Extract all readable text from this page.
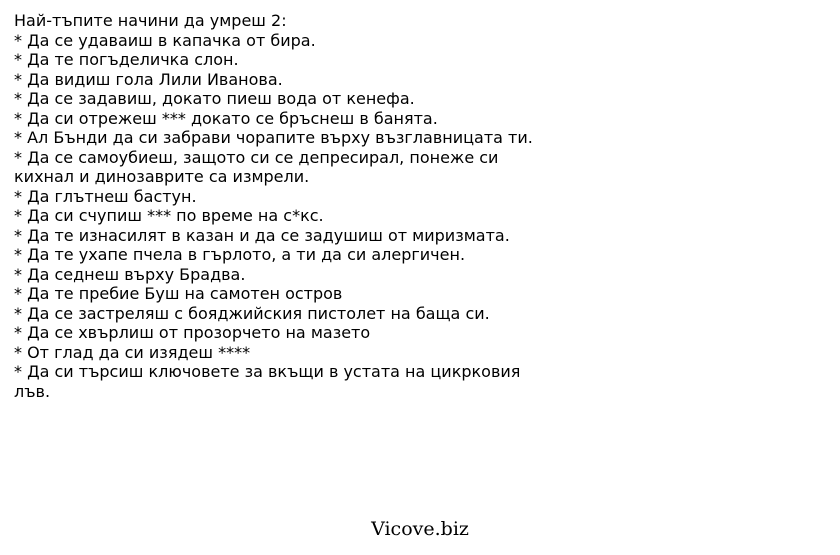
Най-тъпите начини да умреш 2:
* Да се удаваиш в капачка от бира.
* Да те погъделичка слон.
* Да видиш гола Лили Иванова.
* Да се задавиш, докато пиеш вода от кенефа.
* Да си отрежеш *** докато се бръснеш в банята.
* Ал Бънди да си забрави чорапите върху възглавницата ти.
* Да се самоубиеш, защото си се депресирал, понеже си
кихнал и динозаврите са измрели.
* Да глътнеш бастун.
* Да си счупиш *** по време на с*кс.
* Да те изнасилят в казан и да се задушиш от миризмата.
* Да те ухапе пчела в гърлото, а ти да си алергичен.
* Да седнеш върху Брадва.
* Да те пребие Буш на самотен остров
* Да се застреляш с бояджийския пистолет на баща си.
* Да се хвърлиш от прозорчето на мазето
* От глад да си изядеш ****
* Да си търсиш ключовете за вкъщи в устата на цикрковия
лъв.
Vicove.biz
